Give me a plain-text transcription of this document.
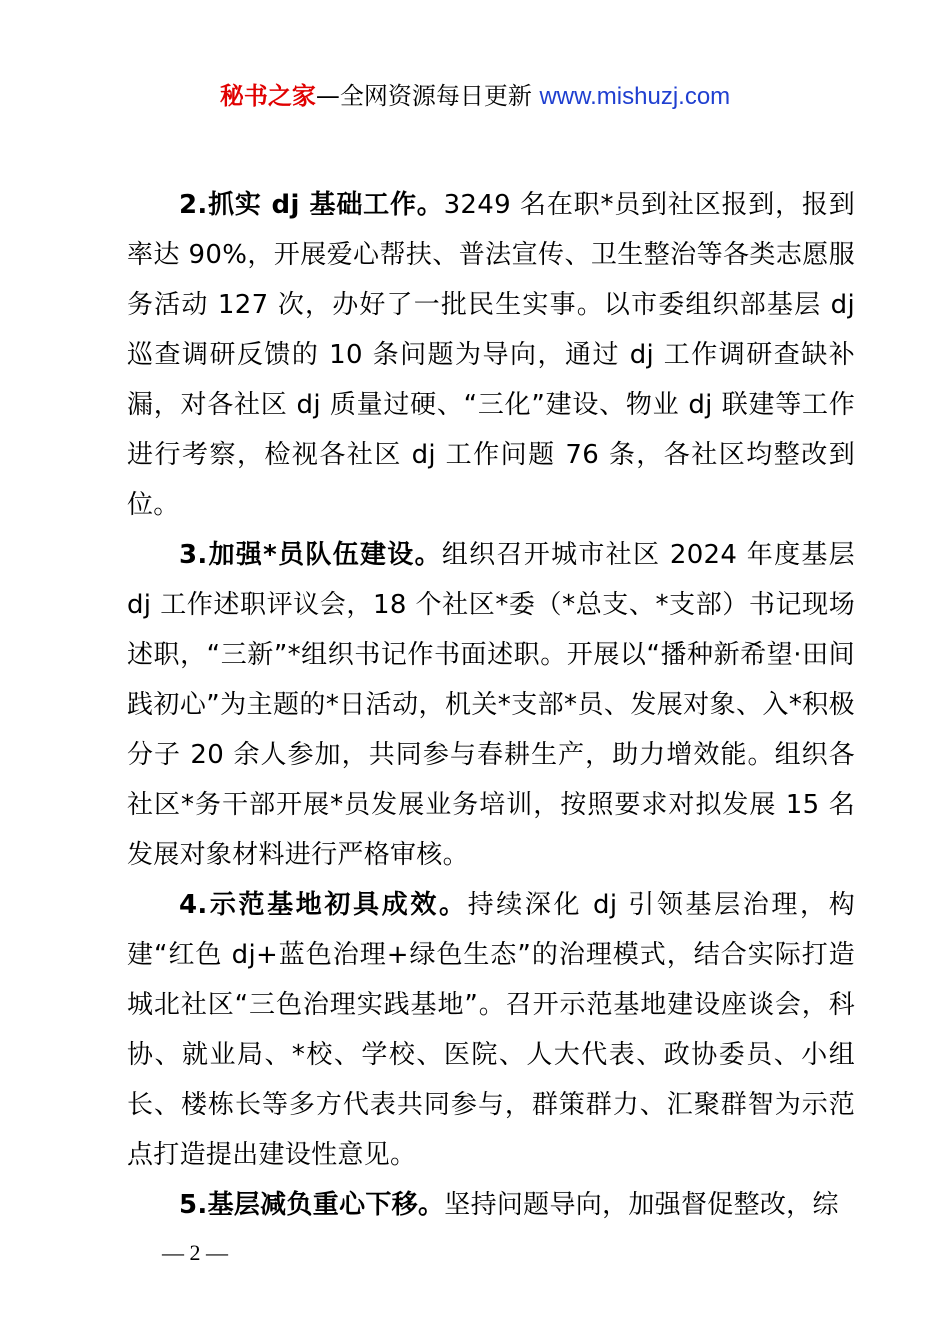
秘书之家—全网资源每日更新 www.mishuzj.com

2.抓实 dj 基础工作。3249 名在职*员到社区报到，报到率达 90%，开展爱心帮扶、普法宣传、卫生整治等各类志愿服务活动 127 次，办好了一批民生实事。以市委组织部基层 dj 巡查调研反馈的 10 条问题为导向，通过 dj 工作调研查缺补漏，对各社区 dj 质量过硬、“三化”建设、物业 dj 联建等工作进行考察，检视各社区 dj 工作问题 76 条，各社区均整改到位。

3.加强*员队伍建设。组织召开城市社区 2024 年度基层 dj 工作述职评议会，18 个社区*委（*总支、*支部）书记现场述职，“三新”*组织书记作书面述职。开展以“播种新希望·田间践初心”为主题的*日活动，机关*支部*员、发展对象、入*积极分子 20 余人参加，共同参与春耕生产，助力增效能。组织各社区*务干部开展*员发展业务培训，按照要求对拟发展 15 名发展对象材料进行严格审核。

4.示范基地初具成效。持续深化 dj 引领基层治理，构建“红色 dj+蓝色治理+绿色生态”的治理模式，结合实际打造城北社区“三色治理实践基地”。召开示范基地建设座谈会，科协、就业局、*校、学校、医院、人大代表、政协委员、小组长、楼栋长等多方代表共同参与，群策群力、汇聚群智为示范点打造提出建设性意见。

5.基层减负重心下移。坚持问题导向，加强督促整改，综

— 2 —
